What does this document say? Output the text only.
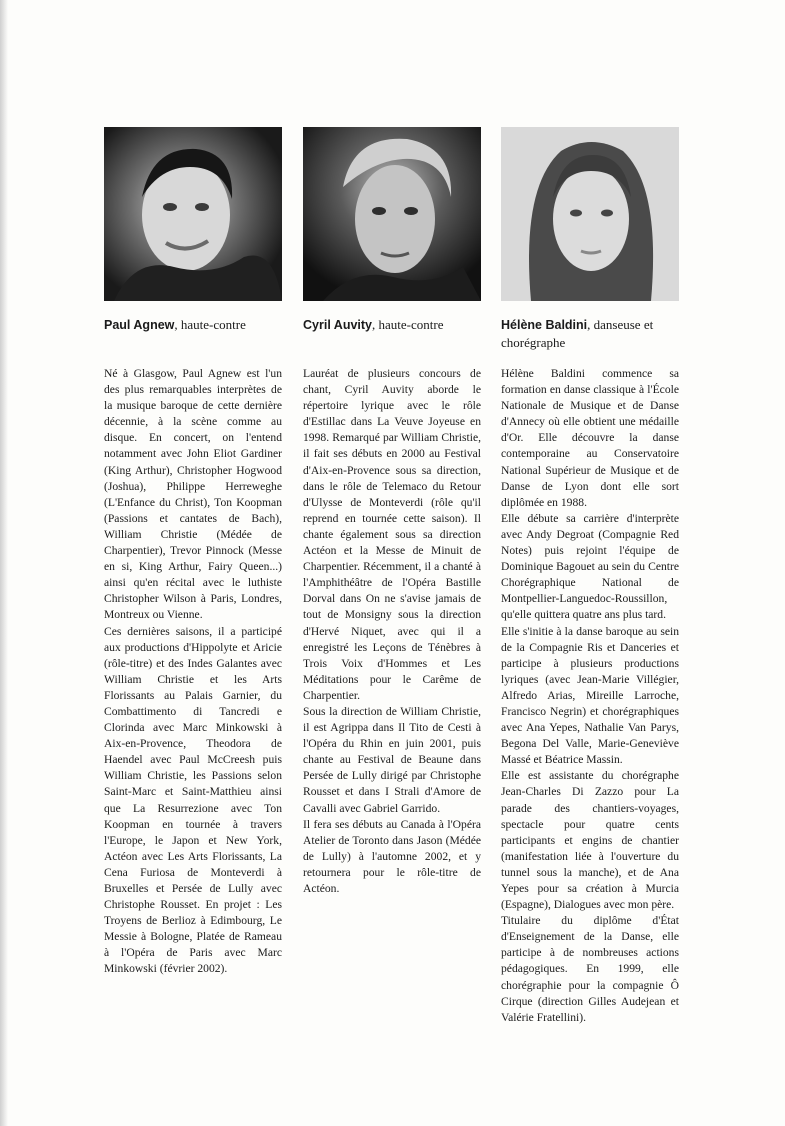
Paul Agnew, haute-contre

Né à Glasgow, Paul Agnew est l'un des plus remarquables interprètes de la musique baroque de cette dernière décennie, à la scène comme au disque. En concert, on l'entend notamment avec John Eliot Gardiner (King Arthur), Christopher Hogwood (Joshua), Philippe Herreweghe (L'Enfance du Christ), Ton Koopman (Passions et cantates de Bach), William Christie (Médée de Charpentier), Trevor Pinnock (Messe en si, King Arthur, Fairy Queen...) ainsi qu'en récital avec le luthiste Christopher Wilson à Paris, Londres, Montreux ou Vienne.

Ces dernières saisons, il a participé aux productions d'Hippolyte et Aricie (rôle-titre) et des Indes Galantes avec William Christie et les Arts Florissants au Palais Garnier, du Combattimento di Tancredi e Clorinda avec Marc Minkowski à Aix-en-Provence, Theodora de Haendel avec Paul McCreesh puis William Christie, les Passions selon Saint-Marc et Saint-Matthieu ainsi que La Resurrezione avec Ton Koopman en tournée à travers l'Europe, le Japon et New York, Actéon avec Les Arts Florissants, La Cena Furiosa de Monteverdi à Bruxelles et Persée de Lully avec Christophe Rousset. En projet : Les Troyens de Berlioz à Edimbourg, Le Messie à Bologne, Platée de Rameau à l'Opéra de Paris avec Marc Minkowski (février 2002).

Cyril Auvity, haute-contre

Lauréat de plusieurs concours de chant, Cyril Auvity aborde le répertoire lyrique avec le rôle d'Estillac dans La Veuve Joyeuse en 1998. Remarqué par William Christie, il fait ses débuts en 2000 au Festival d'Aix-en-Provence sous sa direction, dans le rôle de Telemaco du Retour d'Ulysse de Monteverdi (rôle qu'il reprend en tournée cette saison). Il chante également sous sa direction Actéon et la Messe de Minuit de Charpentier. Récemment, il a chanté à l'Amphithéâtre de l'Opéra Bastille Dorval dans On ne s'avise jamais de tout de Monsigny sous la direction d'Hervé Niquet, avec qui il a enregistré les Leçons de Ténèbres à Trois Voix d'Hommes et Les Méditations pour le Carême de Charpentier.

Sous la direction de William Christie, il est Agrippa dans Il Tito de Cesti à l'Opéra du Rhin en juin 2001, puis chante au Festival de Beaune dans Persée de Lully dirigé par Christophe Rousset et dans I Strali d'Amore de Cavalli avec Gabriel Garrido.

Il fera ses débuts au Canada à l'Opéra Atelier de Toronto dans Jason (Médée de Lully) à l'automne 2002, et y retournera pour le rôle-titre de Actéon.

Hélène Baldini, danseuse et chorégraphe

Hélène Baldini commence sa formation en danse classique à l'École Nationale de Musique et de Danse d'Annecy où elle obtient une médaille d'Or. Elle découvre la danse contemporaine au Conservatoire National Supérieur de Musique et de Danse de Lyon dont elle sort diplômée en 1988.

Elle débute sa carrière d'interprète avec Andy Degroat (Compagnie Red Notes) puis rejoint l'équipe de Dominique Bagouet au sein du Centre Chorégraphique National de Montpellier-Languedoc-Roussillon, qu'elle quittera quatre ans plus tard.

Elle s'initie à la danse baroque au sein de la Compagnie Ris et Danceries et participe à plusieurs productions lyriques (avec Jean-Marie Villégier, Alfredo Arias, Mireille Larroche, Francisco Negrin) et chorégraphiques avec Ana Yepes, Nathalie Van Parys, Begona Del Valle, Marie-Geneviève Massé et Béatrice Massin.

Elle est assistante du chorégraphe Jean-Charles Di Zazzo pour La parade des chantiers-voyages, spectacle pour quatre cents participants et engins de chantier (manifestation liée à l'ouverture du tunnel sous la manche), et de Ana Yepes pour sa création à Murcia (Espagne), Dialogues avec mon père.

Titulaire du diplôme d'État d'Enseignement de la Danse, elle participe à de nombreuses actions pédagogiques. En 1999, elle chorégraphie pour la compagnie Ô Cirque (direction Gilles Audejean et Valérie Fratellini).
